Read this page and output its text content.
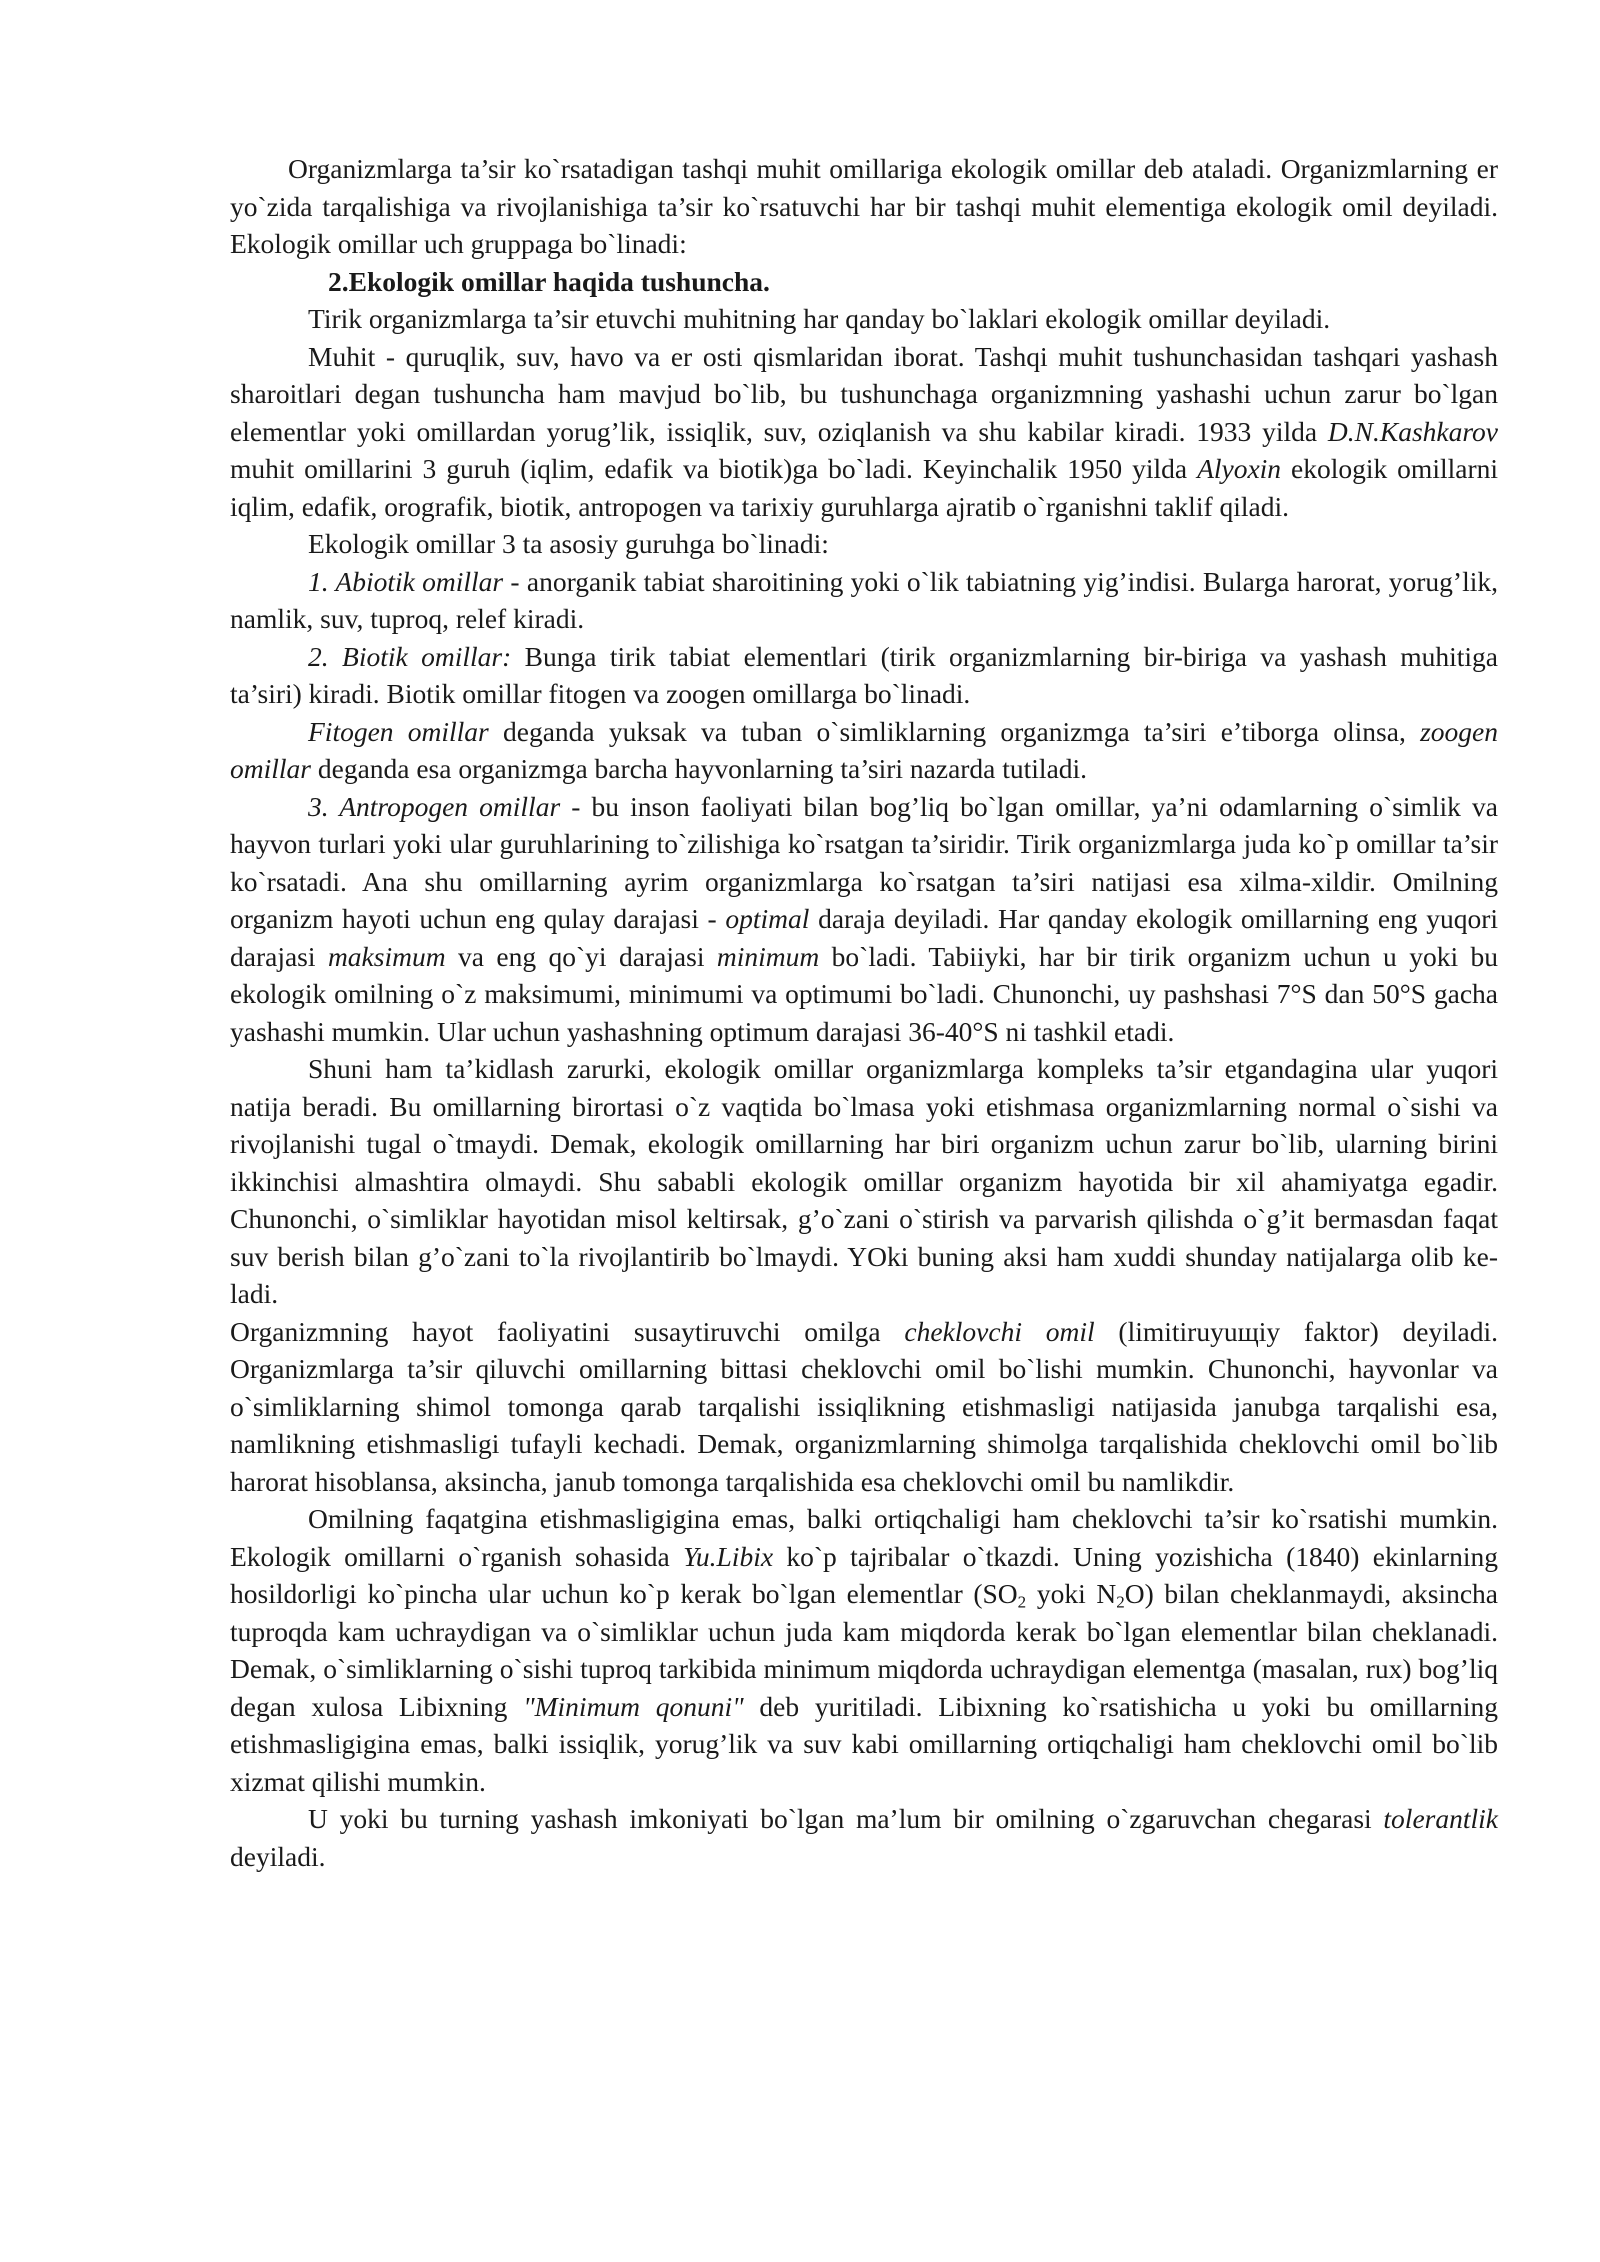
Organizmlarga ta’sir ko`rsatadigan tashqi muhit omillariga ekologik omillar deb ataladi. Organizmlarning er yo`zida tarqalishiga va rivojlanishiga ta’sir ko`rsatuvchi har bir tashqi muhit elementiga ekologik omil deyiladi. Ekologik omillar uch gruppaga bo`linadi:

2.Ekologik omillar haqida tushuncha.

Tirik organizmlarga ta’sir etuvchi muhitning har qanday bo`laklari ekologik omillar deyiladi.

Muhit - quruqlik, suv, havo va er osti qismlaridan iborat. Tashqi muhit tushunchasidan tashqari yashash sharoitlari degan tushuncha ham mavjud bo`lib, bu tushunchaga organizmning yashashi uchun zarur bo`lgan elementlar yoki omillardan yorug’lik, issiqlik, suv, oziqlanish va shu kabilar kiradi. 1933 yilda D.N.Kashkarov muhit omillarini 3 guruh (iqlim, edafik va biotik)ga bo`ladi. Keyinchalik 1950 yilda Alyoxin ekologik omillarni iqlim, edafik, orografik, biotik, antropogen va tarixiy guruhlarga ajratib o`rganishni taklif qiladi.

Ekologik omillar 3 ta asosiy guruhga bo`linadi:

1. Abiotik omillar - anorganik tabiat sharoitining yoki o`lik tabiatning yig’indisi. Bularga harorat, yorug’lik, namlik, suv, tuproq, relef kiradi.

2. Biotik omillar: Bunga tirik tabiat elementlari (tirik organizmlarning bir-biriga va yashash muhitiga ta’siri) kiradi. Biotik omillar fitogen va zoogen omillarga bo`linadi.

Fitogen omillar deganda yuksak va tuban o`simliklarning organizmga ta’siri e’tiborga olinsa, zoogen omillar deganda esa organizmga barcha hayvonlarning ta’siri nazarda tutiladi.

3. Antropogen omillar - bu inson faoliyati bilan bog’liq bo`lgan omillar, ya’ni odamlarning o`simlik va hayvon turlari yoki ular guruhlarining to`zilishiga ko`rsatgan ta’siridir. Tirik organizmlarga juda ko`p omillar ta’sir ko`rsatadi. Ana shu omillarning ayrim organizmlarga ko`rsatgan ta’siri natijasi esa xilma-xildir. Omilning organizm hayoti uchun eng qulay darajasi - optimal daraja deyiladi. Har qanday ekologik omillarning eng yuqori darajasi maksimum va eng qo`yi darajasi minimum bo`ladi. Tabiiyki, har bir tirik organizm uchun u yoki bu ekologik omilning o`z maksimumi, minimumi va optimumi bo`ladi. Chunonchi, uy pashshasi 7°S dan 50°S gacha yashashi mumkin. Ular uchun yashashning optimum darajasi 36-40°S ni tashkil etadi.

Shuni ham ta’kidlash zarurki, ekologik omillar organizmlarga kompleks ta’sir etgandagina ular yuqori natija beradi. Bu omillarning birortasi o`z vaqtida bo`lmasa yoki etishmasa organizmlarning normal o`sishi va rivojlanishi tugal o`tmaydi. Demak, ekologik omillarning har biri organizm uchun zarur bo`lib, ularning birini ikkinchisi almashtira olmaydi. Shu sababli ekologik omillar organizm hayotida bir xil ahamiyatga egadir. Chunonchi, o`simliklar hayotidan misol keltirsak, g’o`zani o`stirish va parvarish qilishda o`g’it bermasdan faqat suv berish bilan g’o`zani to`la rivojlantirib bo`lmaydi. YOki buning aksi ham xuddi shunday natijalarga olib ke-ladi.

Organizmning hayot faoliyatini susaytiruvchi omilga cheklovchi omil (limitiruyuщiy faktor) deyiladi. Organizmlarga ta’sir qiluvchi omillarning bittasi cheklovchi omil bo`lishi mumkin. Chunonchi, hayvonlar va o`simliklarning shimol tomonga qarab tarqalishi issiqlikning etishmasligi natijasida janubga tarqalishi esa, namlikning etishmasligi tufayli kechadi. Demak, organizmlarning shimolga tarqalishida cheklovchi omil bo`lib harorat hisoblansa, aksincha, janub tomonga tarqalishida esa cheklovchi omil bu namlikdir.

Omilning faqatgina etishmasligigina emas, balki ortiqchaligi ham cheklovchi ta’sir ko`rsatishi mumkin. Ekologik omillarni o`rganish sohasida Yu.Libix ko`p tajribalar o`tkazdi. Uning yozishicha (1840) ekinlarning hosildorligi ko`pincha ular uchun ko`p kerak bo`lgan elementlar ($SO_2$ yoki $N_2O$) bilan cheklanmaydi, aksincha tuproqda kam uchraydigan va o`simliklar uchun juda kam miqdorda kerak bo`lgan elementlar bilan cheklanadi. Demak, o`simliklarning o`sishi tuproq tarkibida minimum miqdorda uchraydigan elementga (masalan, rux) bog’liq degan xulosa Libixning "Minimum qonuni" deb yuritiladi. Libixning ko`rsatishicha u yoki bu omillarning etishmasligigina emas, balki issiqlik, yorug’lik va suv kabi omillarning ortiqchaligi ham cheklovchi omil bo`lib xizmat qilishi mumkin.

U yoki bu turning yashash imkoniyati bo`lgan ma’lum bir omilning o`zgaruvchan chegarasi tolerantlik deyiladi.
